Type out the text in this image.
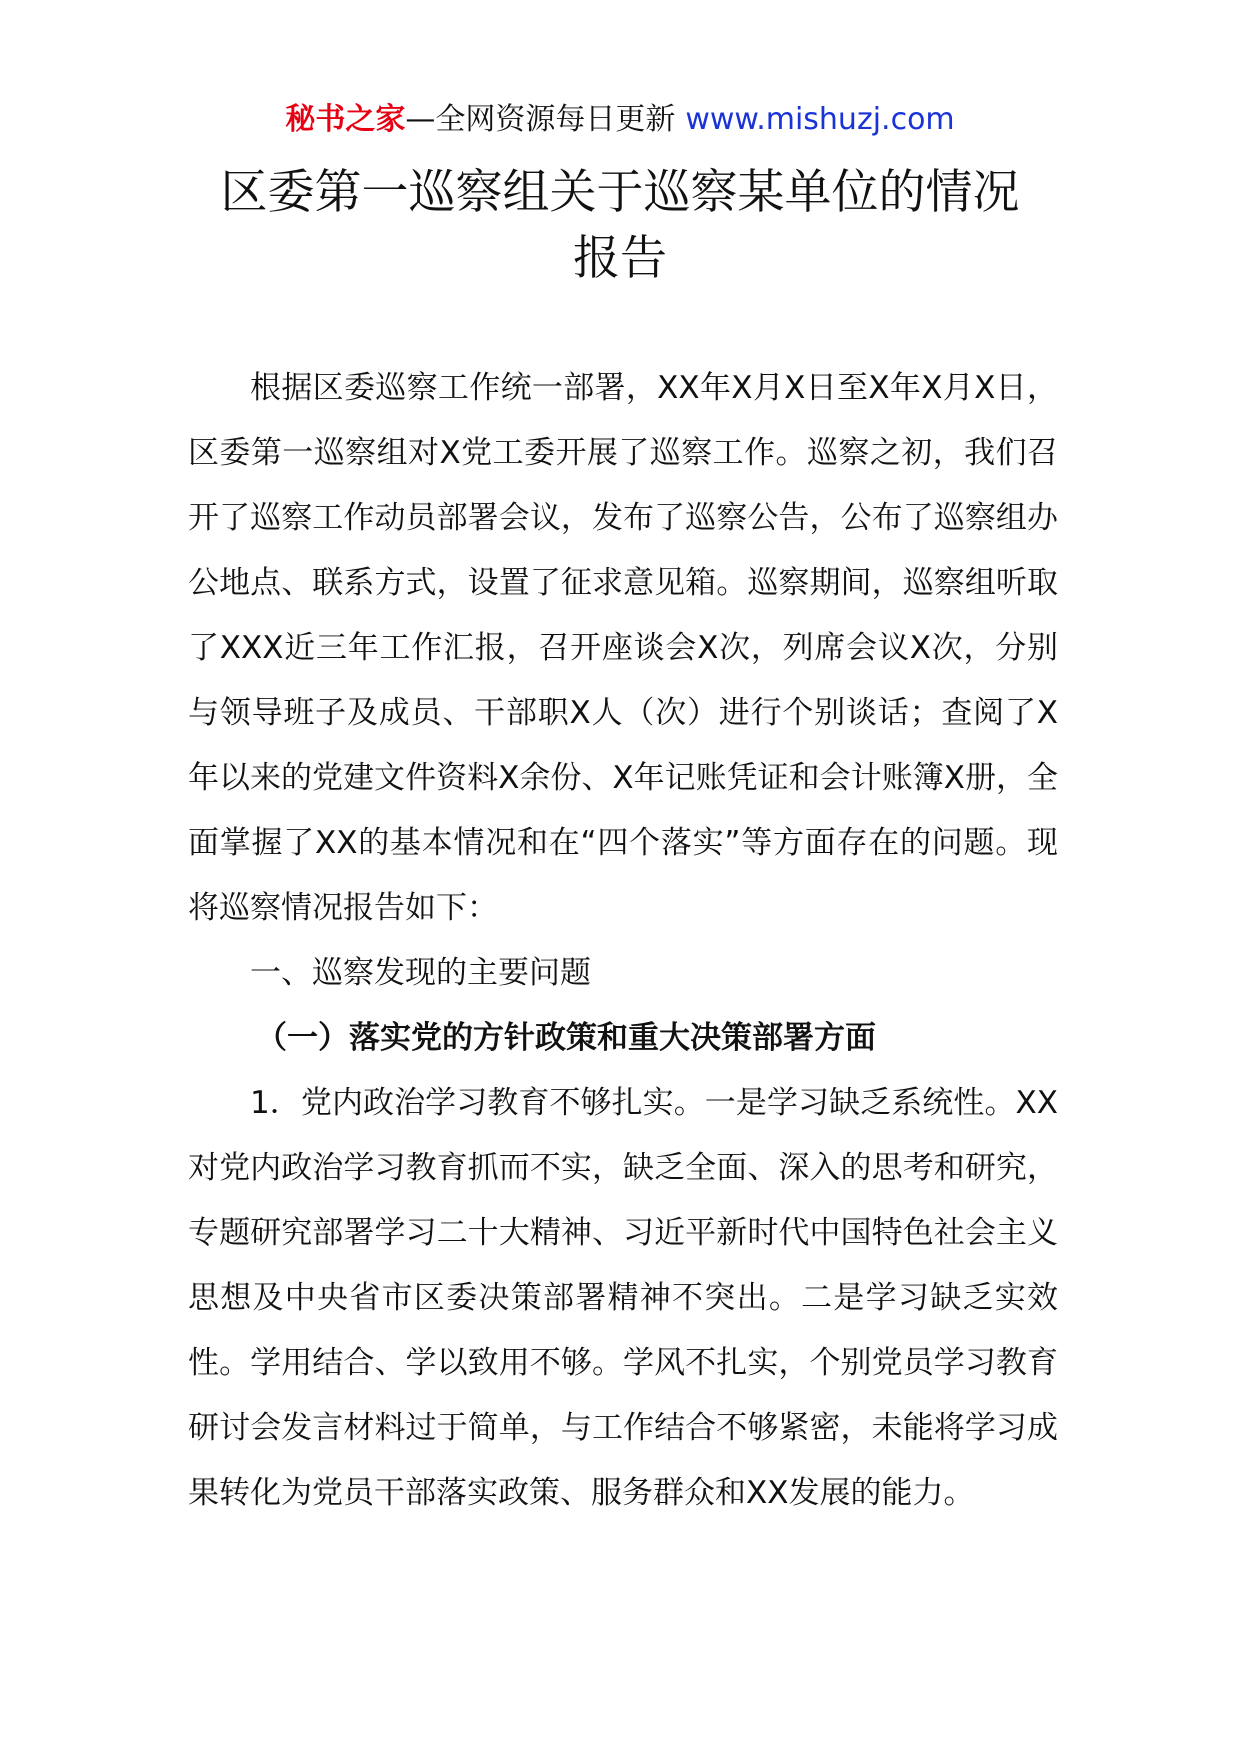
秘书之家—全网资源每日更新 www.mishuzj.com
区委第一巡察组关于巡察某单位的情况
报告

根据区委巡察工作统一部署，XX年X月X日至X年X月X日，区委第一巡察组对X党工委开展了巡察工作。巡察之初，我们召开了巡察工作动员部署会议，发布了巡察公告，公布了巡察组办公地点、联系方式，设置了征求意见箱。巡察期间，巡察组听取了XXX近三年工作汇报，召开座谈会X次，列席会议X次，分别与领导班子及成员、干部职X人（次）进行个别谈话；查阅了X年以来的党建文件资料X余份、X年记账凭证和会计账簿X册，全面掌握了XX的基本情况和在“四个落实”等方面存在的问题。现将巡察情况报告如下：

一、巡察发现的主要问题

（一）落实党的方针政策和重大决策部署方面

1．党内政治学习教育不够扎实。一是学习缺乏系统性。XX对党内政治学习教育抓而不实，缺乏全面、深入的思考和研究，专题研究部署学习二十大精神、习近平新时代中国特色社会主义思想及中央省市区委决策部署精神不突出。二是学习缺乏实效性。学用结合、学以致用不够。学风不扎实，个别党员学习教育研讨会发言材料过于简单，与工作结合不够紧密，未能将学习成果转化为党员干部落实政策、服务群众和XX发展的能力。
